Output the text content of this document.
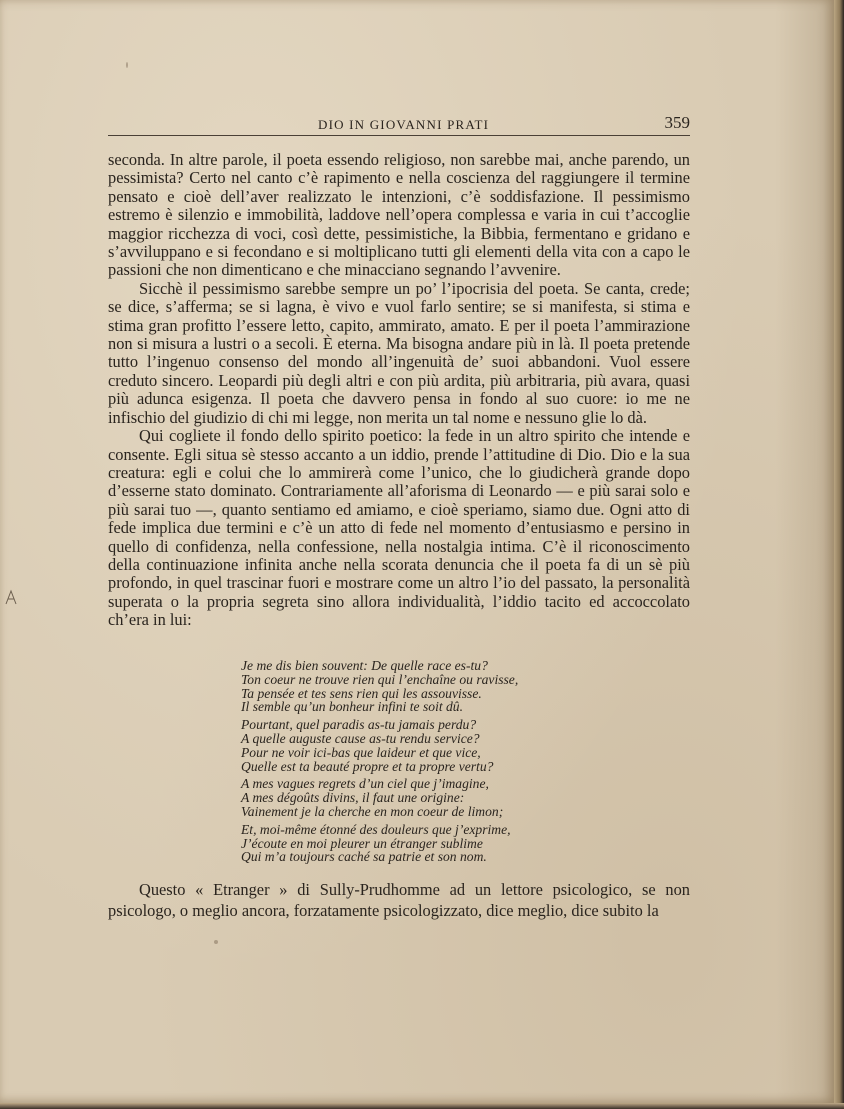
DIO IN GIOVANNI PRATI	359

seconda. In altre parole, il poeta essendo religioso, non sarebbe mai, anche parendo, un pessimista? Certo nel canto c’è rapimento e nella coscienza del raggiungere il termine pensato e cioè dell’aver realizzato le intenzioni, c’è soddisfazione. Il pessimismo estremo è silenzio e immobilità, laddove nell’opera complessa e varia in cui t’accoglie maggior ricchezza di voci, così dette, pessimistiche, la Bibbia, fermentano e gridano e s’avviluppano e si fecondano e si moltiplicano tutti gli elementi della vita con a capo le passioni che non dimenticano e che minacciano segnando l’avvenire.

Sicchè il pessimismo sarebbe sempre un po’ l’ipocrisia del poeta. Se canta, crede; se dice, s’afferma; se si lagna, è vivo e vuol farlo sentire; se si manifesta, si stima e stima gran profitto l’essere letto, capito, ammirato, amato. E per il poeta l’ammirazione non si misura a lustri o a secoli. È eterna. Ma bisogna andare più in là. Il poeta pretende tutto l’ingenuo consenso del mondo all’ingenuità de’ suoi abbandoni. Vuol essere creduto sincero. Leopardi più degli altri e con più ardita, più arbitraria, più avara, quasi più adunca esigenza. Il poeta che davvero pensa in fondo al suo cuore: io me ne infischio del giudizio di chi mi legge, non merita un tal nome e nessuno glie lo dà.

Qui cogliete il fondo dello spirito poetico: la fede in un altro spirito che intende e consente. Egli situa sè stesso accanto a un iddio, prende l’attitudine di Dio. Dio e la sua creatura: egli e colui che lo ammirerà come l’unico, che lo giudicherà grande dopo d’esserne stato dominato. Contrariamente all’aforisma di Leonardo — e più sarai solo e più sarai tuo —, quanto sentiamo ed amiamo, e cioè speriamo, siamo due. Ogni atto di fede implica due termini e c’è un atto di fede nel momento d’entusiasmo e persino in quello di confidenza, nella confessione, nella nostalgia intima. C’è il riconoscimento della continuazione infinita anche nella scorata denuncia che il poeta fa di un sè più profondo, in quel trascinar fuori e mostrare come un altro l’io del passato, la personalità superata o la propria segreta sino allora individualità, l’iddio tacito ed accoccolato ch’era in lui:

Je me dis bien souvent: De quelle race es-tu?
Ton coeur ne trouve rien qui l’enchaîne ou ravisse,
Ta pensée et tes sens rien qui les assouvisse.
Il semble qu’un bonheur infini te soit dû.
Pourtant, quel paradis as-tu jamais perdu?
A quelle auguste cause as-tu rendu service?
Pour ne voir ici-bas que laideur et que vice,
Quelle est ta beauté propre et ta propre vertu?
A mes vagues regrets d’un ciel que j’imagine,
A mes dégoûts divins, il faut une origine:
Vainement je la cherche en mon coeur de limon;
Et, moi-même étonné des douleurs que j’exprime,
J’écoute en moi pleurer un étranger sublime
Qui m’a toujours caché sa patrie et son nom.

Questo « Etranger » di Sully-Prudhomme ad un lettore psicologico, se non psicologo, o meglio ancora, forzatamente psicologizzato, dice meglio, dice subito la
